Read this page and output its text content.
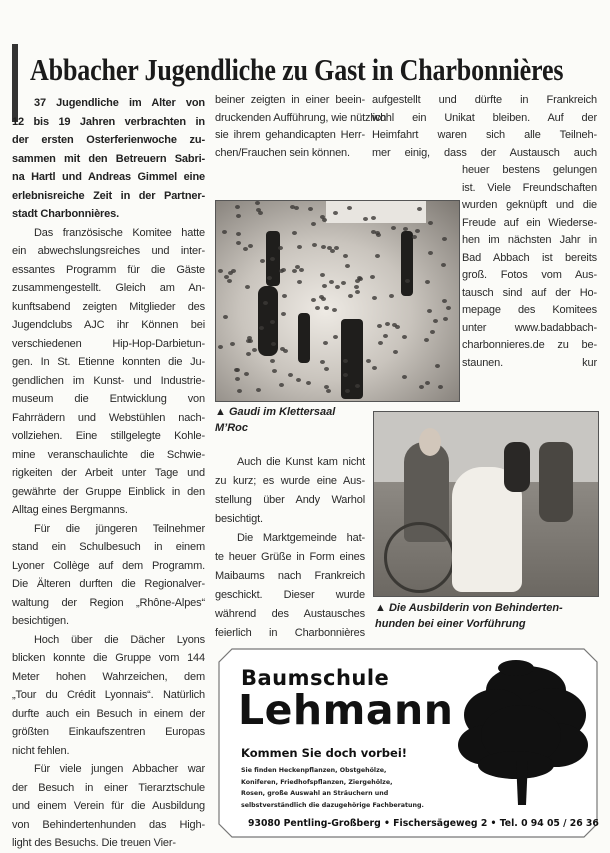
Abbacher Jugendliche zu Gast in Charbonnières
37 Jugendliche im Alter von
12 bis 19 Jahren verbrachten in
der ersten Osterferienwoche zu-
sammen mit den Betreuern Sabri-
na Hartl und Andreas Gimmel eine
erlebnisreiche Zeit in der Partner-
stadt Charbonnières.
Das französische Komitee hatte
ein abwechslungsreiches und inter-
essantes Programm für die Gäste
zusammengestellt. Gleich am An-
kunftsabend zeigten Mitglieder des
Jugendclubs AJC ihr Können bei
verschiedenen Hip-Hop-Darbietun-
gen. In St. Etienne konnten die Ju-
gendlichen im Kunst- und Industrie-
museum die Entwicklung von
Fahrrädern und Webstühlen nach-
vollziehen. Eine stillgelegte Kohle-
mine veranschaulichte die Schwie-
rigkeiten der Arbeit unter Tage und
gewährte der Gruppe Einblick in den
Alltag eines Bergmanns.
Für die jüngeren Teilnehmer
stand ein Schulbesuch in einem
Lyoner Collège auf dem Programm.
Die Älteren durften die Regionalver-
waltung der Region „Rhône-Alpes“
besichtigen.
Hoch über die Dächer Lyons
blicken konnte die Gruppe vom 144
Meter hohen Wahrzeichen, dem
„Tour du Crédit Lyonnais“. Natürlich
durfte auch ein Besuch in einem der
größten Einkaufszentren Europas
nicht fehlen.
Für viele jungen Abbacher war
der Besuch in einer Tierarztschule
und einem Verein für die Ausbildung
von Behindertenhunden das High-
light des Besuchs. Die treuen Vier-
beiner zeigten in einer beein-
druckenden Aufführung, wie nützlich
sie ihrem gehandicapten Herr-
chen/Frauchen sein können.
aufgestellt und dürfte in Frankreich
wohl ein Unikat bleiben. Auf der
Heimfahrt waren sich alle Teilneh-
mer einig, dass der Austausch auch
heuer bestens gelungen
ist. Viele Freundschaften
wurden geknüpft und die
Freude auf ein Wiederse-
hen im nächsten Jahr in
Bad Abbach ist bereits
groß. Fotos vom Aus-
tausch sind auf der Ho-
mepage des Komitees
unter www.badabbach-
charbonnieres.de zu be-
staunen. kur
Auch die Kunst kam nicht
zu kurz; es wurde eine Aus-
stellung über Andy Warhol
besichtigt.
Die Marktgemeinde hat-
te heuer Grüße in Form eines
Maibaums nach Frankreich
geschickt. Dieser wurde
während des Austausches
feierlich in Charbonnières
▲ Gaudi im Klettersaal
M’Roc
▲ Die Ausbilderin von Behinderten-
hunden bei einer Vorführung
Baumschule
Lehmann
Kommen Sie doch vorbei!
Sie finden Heckenpflanzen, Obstgehölze,
Koniferen, Friedhofspflanzen, Ziergehölze,
Rosen, große Auswahl an Sträuchern und
selbstverständlich die dazugehörige Fachberatung.
93080 Pentling-Großberg • Fischersägeweg 2 • Tel. 0 94 05 / 26 36
